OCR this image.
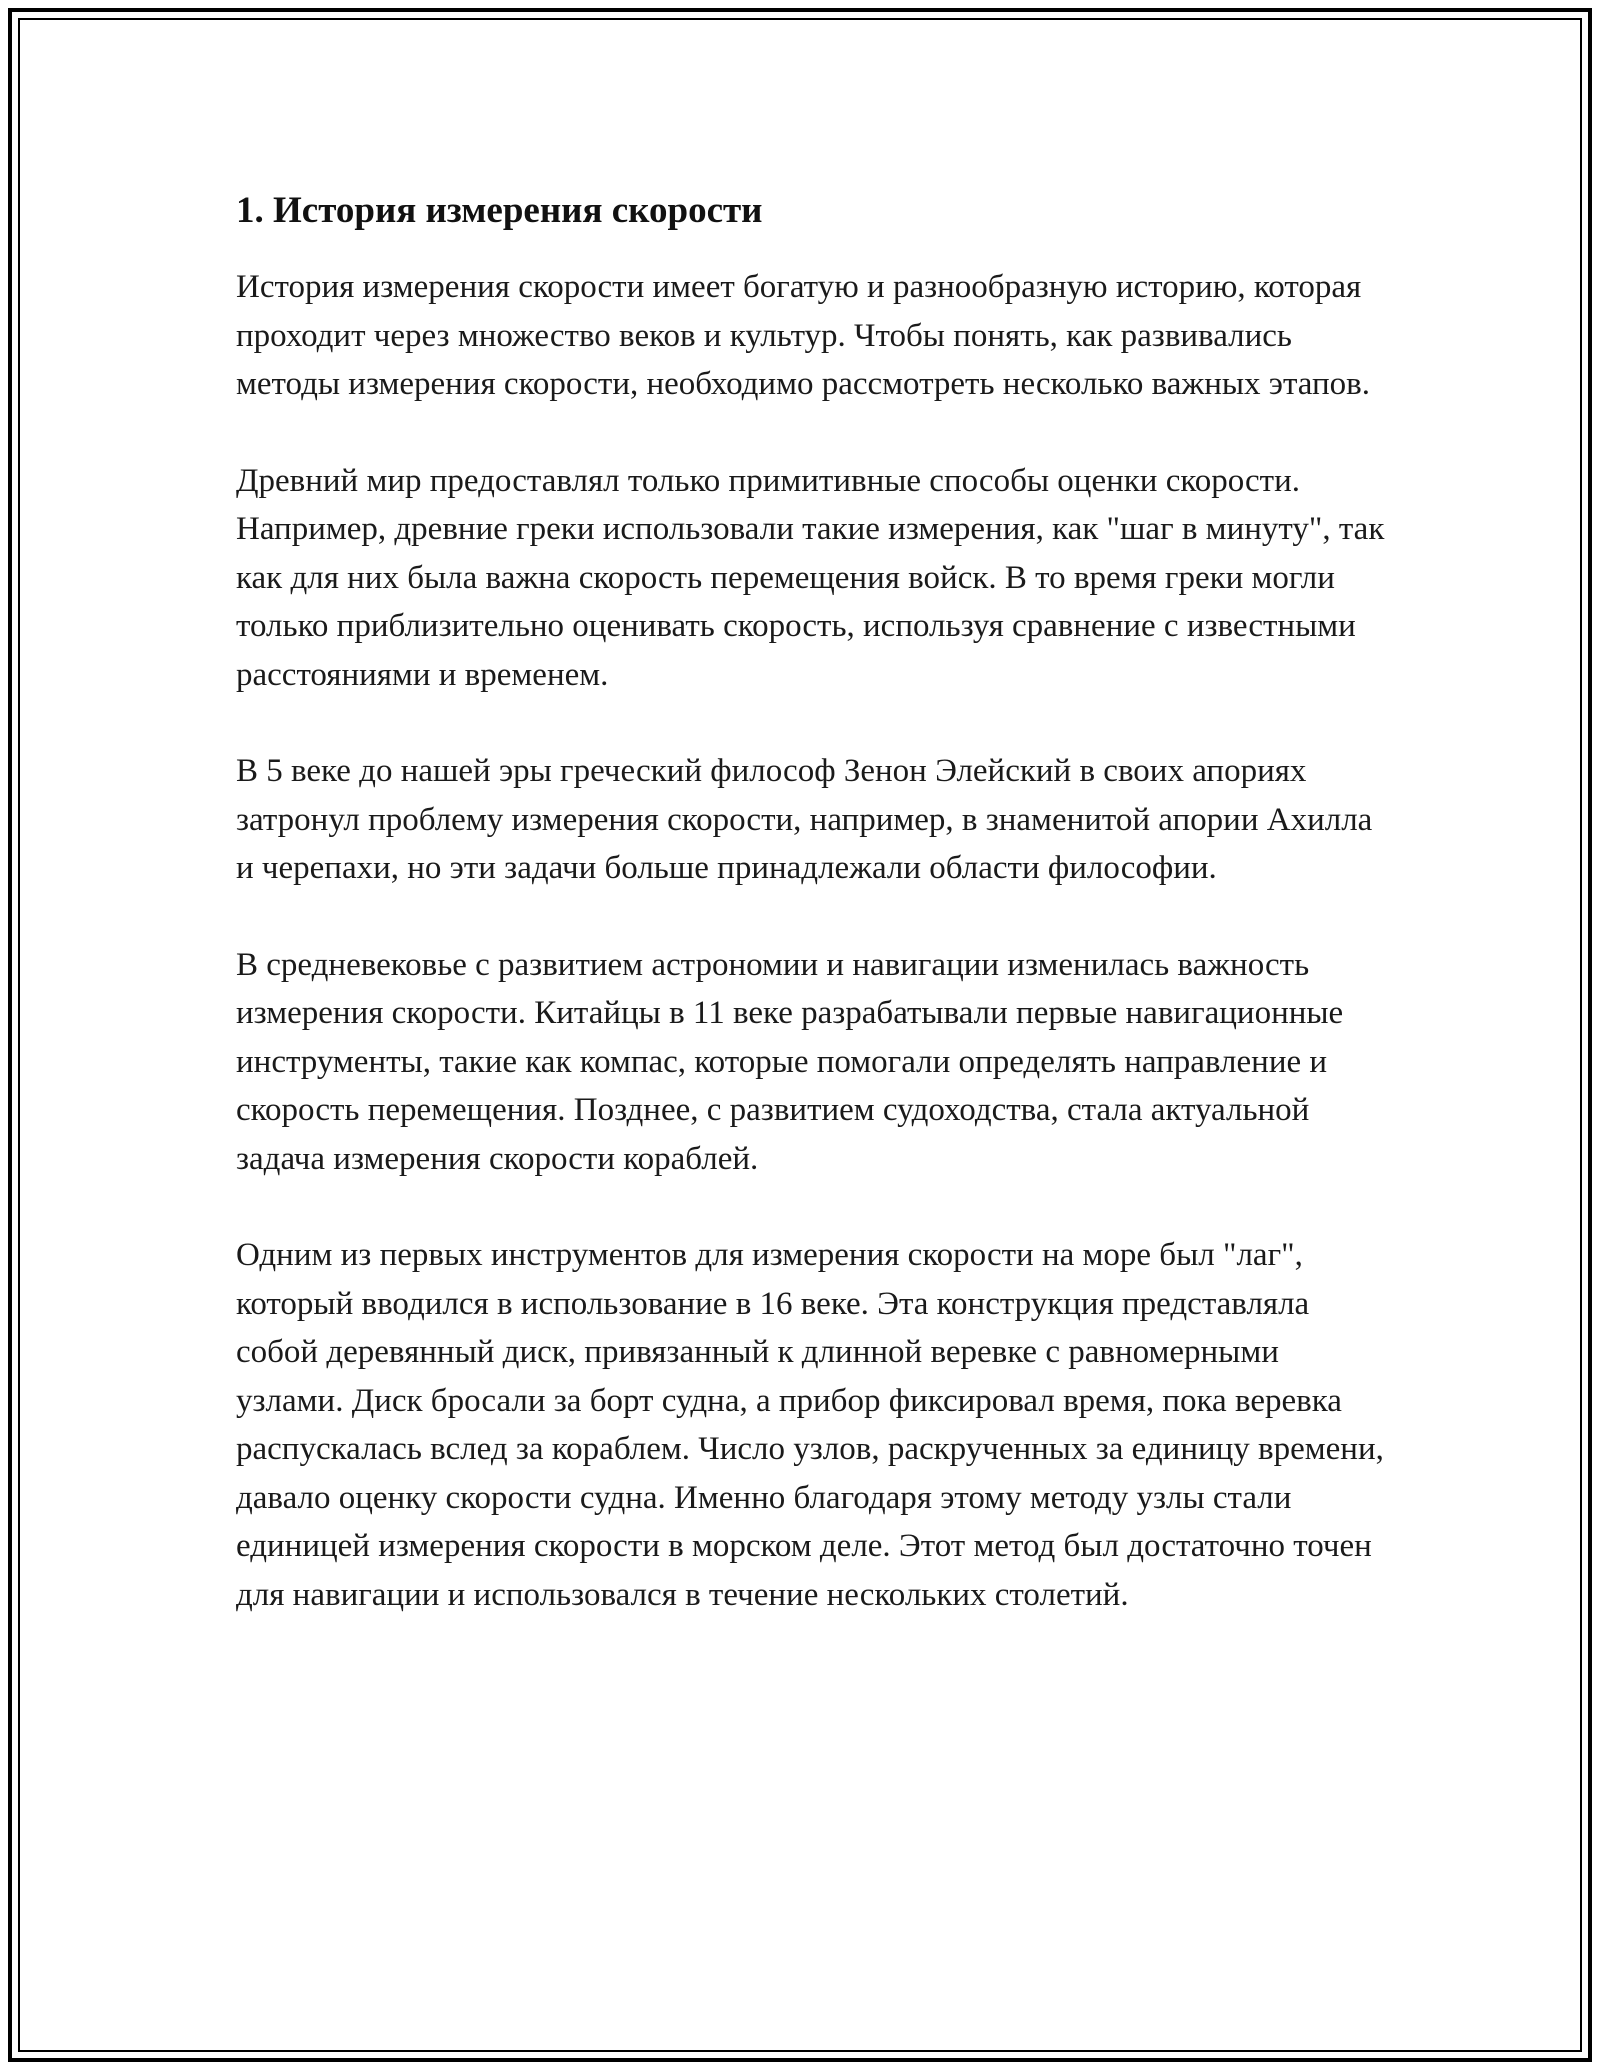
1. История измерения скорости

История измерения скорости имеет богатую и разнообразную историю, которая проходит через множество веков и культур. Чтобы понять, как развивались методы измерения скорости, необходимо рассмотреть несколько важных этапов.

Древний мир предоставлял только примитивные способы оценки скорости. Например, древние греки использовали такие измерения, как "шаг в минуту", так как для них была важна скорость перемещения войск. В то время греки могли только приблизительно оценивать скорость, используя сравнение с известными расстояниями и временем.

В 5 веке до нашей эры греческий философ Зенон Элейский в своих апориях затронул проблему измерения скорости, например, в знаменитой апории Ахилла и черепахи, но эти задачи больше принадлежали области философии.

В средневековье с развитием астрономии и навигации изменилась важность измерения скорости. Китайцы в 11 веке разрабатывали первые навигационные инструменты, такие как компас, которые помогали определять направление и скорость перемещения. Позднее, с развитием судоходства, стала актуальной задача измерения скорости кораблей.

Одним из первых инструментов для измерения скорости на море был "лаг", который вводился в использование в 16 веке. Эта конструкция представляла собой деревянный диск, привязанный к длинной веревке с равномерными узлами. Диск бросали за борт судна, а прибор фиксировал время, пока веревка распускалась вслед за кораблем. Число узлов, раскрученных за единицу времени, давало оценку скорости судна. Именно благодаря этому методу узлы стали единицей измерения скорости в морском деле. Этот метод был достаточно точен для навигации и использовался в течение нескольких столетий.
